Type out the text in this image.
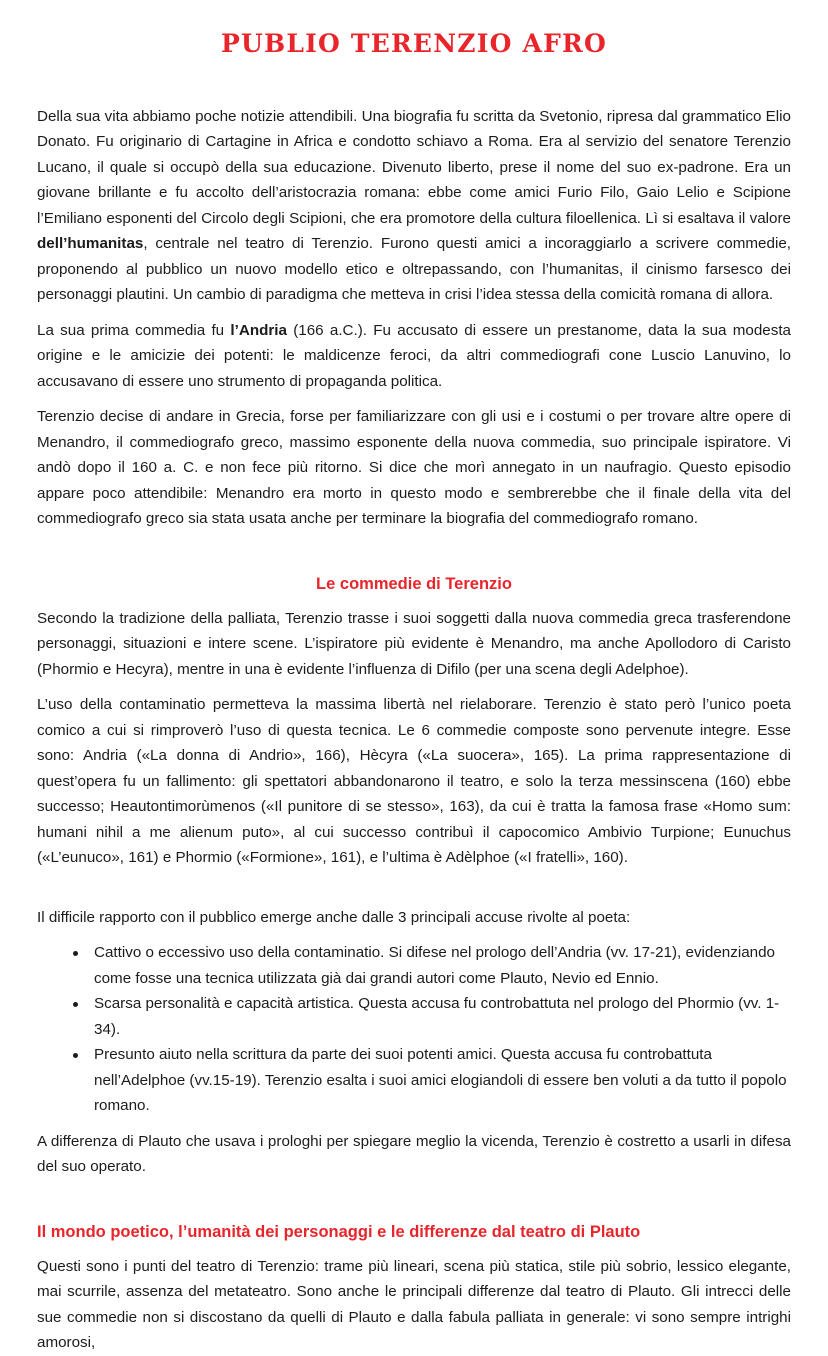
PUBLIO TERENZIO AFRO

Della sua vita abbiamo poche notizie attendibili. Una biografia fu scritta da Svetonio, ripresa dal grammatico Elio Donato. Fu originario di Cartagine in Africa e condotto schiavo a Roma. Era al servizio del senatore Terenzio Lucano, il quale si occupò della sua educazione. Divenuto liberto, prese il nome del suo ex-padrone. Era un giovane brillante e fu accolto dell’aristocrazia romana: ebbe come amici Furio Filo, Gaio Lelio e Scipione l’Emiliano esponenti del Circolo degli Scipioni, che era promotore della cultura filoellenica. Lì si esaltava il valore dell’humanitas, centrale nel teatro di Terenzio. Furono questi amici a incoraggiarlo a scrivere commedie, proponendo al pubblico un nuovo modello etico e oltrepassando, con l’humanitas, il cinismo farsesco dei personaggi plautini. Un cambio di paradigma che metteva in crisi l’idea stessa della comicità romana di allora.

La sua prima commedia fu l’Andria (166 a.C.). Fu accusato di essere un prestanome, data la sua modesta origine e le amicizie dei potenti: le maldicenze feroci, da altri commediografi cone Luscio Lanuvino, lo accusavano di essere uno strumento di propaganda politica.

Terenzio decise di andare in Grecia, forse per familiarizzare con gli usi e i costumi o per trovare altre opere di Menandro, il commediografo greco, massimo esponente della nuova commedia, suo principale ispiratore. Vi andò dopo il 160 a. C. e non fece più ritorno. Si dice che morì annegato in un naufragio. Questo episodio appare poco attendibile: Menandro era morto in questo modo e sembrerebbe che il finale della vita del commediografo greco sia stata usata anche per terminare la biografia del commediografo romano.

Le commedie di Terenzio

Secondo la tradizione della palliata, Terenzio trasse i suoi soggetti dalla nuova commedia greca trasferendone personaggi, situazioni e intere scene. L’ispiratore più evidente è Menandro, ma anche Apollodoro di Caristo (Phormio e Hecyra), mentre in una è evidente l’influenza di Difilo (per una scena degli Adelphoe).

L’uso della contaminatio permetteva la massima libertà nel rielaborare. Terenzio è stato però l’unico poeta comico a cui si rimproverò l’uso di questa tecnica. Le 6 commedie composte sono pervenute integre. Esse sono: Andria («La donna di Andrio», 166), Hècyra («La suocera», 165). La prima rappresentazione di quest’opera fu un fallimento: gli spettatori abbandonarono il teatro, e solo la terza messinscena (160) ebbe successo; Heautontimorùmenos («Il punitore di se stesso», 163), da cui è tratta la famosa frase «Homo sum: humani nihil a me alienum puto», al cui successo contribuì il capocomico Ambivio Turpione; Eunuchus («L’eunuco», 161) e Phormio («Formione», 161), e l’ultima è Adèlphoe («I fratelli», 160).

Il difficile rapporto con il pubblico emerge anche dalle 3 principali accuse rivolte al poeta:

Cattivo o eccessivo uso della contaminatio. Si difese nel prologo dell’Andria (vv. 17-21), evidenziando come fosse una tecnica utilizzata già dai grandi autori come Plauto, Nevio ed Ennio.
Scarsa personalità e capacità artistica. Questa accusa fu controbattuta nel prologo del Phormio (vv. 1-34).
Presunto aiuto nella scrittura da parte dei suoi potenti amici. Questa accusa fu controbattuta nell’Adelphoe (vv.15-19). Terenzio esalta i suoi amici elogiandoli di essere ben voluti a da tutto il popolo romano.

A differenza di Plauto che usava i prologhi per spiegare meglio la vicenda, Terenzio è costretto a usarli in difesa del suo operato.

Il mondo poetico, l’umanità dei personaggi e le differenze dal teatro di Plauto

Questi sono i punti del teatro di Terenzio: trame più lineari, scena più statica, stile più sobrio, lessico elegante, mai scurrile, assenza del metateatro. Sono anche le principali differenze dal teatro di Plauto. Gli intrecci delle sue commedie non si discostano da quelli di Plauto e dalla fabula palliata in generale: vi sono sempre intrighi amorosi,
